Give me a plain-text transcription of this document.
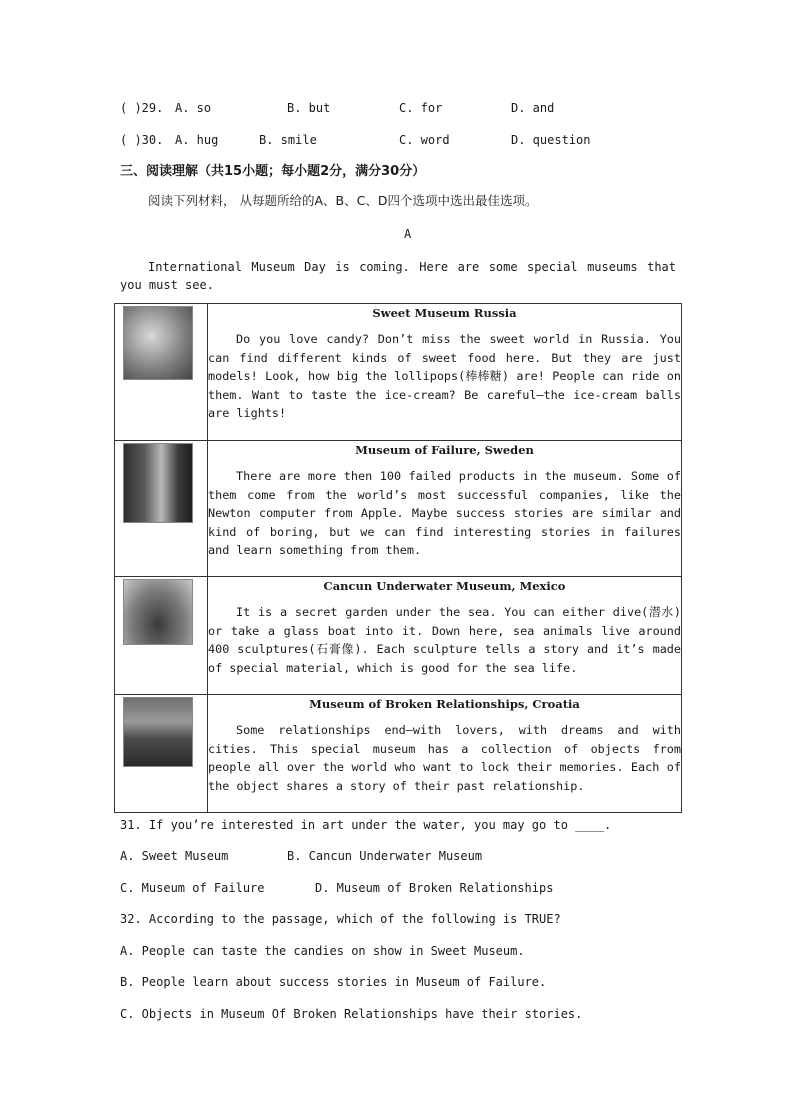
( )29. A. so	B. but	C. for	D. and
( )30. A. hug	B. smile	C. word	D. question
三、阅读理解（共15小题；每小题2分，满分30分）
阅读下列材料， 从每题所给的A、B、C、D四个选项中选出最佳选项。
A
International Museum Day is coming. Here are some special museums that you must see.

	Sweet Museum Russia
Do you love candy? Don’t miss the sweet world in Russia. You can find different kinds of sweet food here. But they are just models! Look, how big the lollipops(棒棒糖) are! People can ride on them. Want to taste the ice-cream? Be careful—the ice-cream balls are lights!

	Museum of Failure, Sweden
There are more then 100 failed products in the museum. Some of them come from the world’s most successful companies, like the Newton computer from Apple. Maybe success stories are similar and kind of boring, but we can find interesting stories in failures and learn something from them.

	Cancun Underwater Museum, Mexico
It is a secret garden under the sea. You can either dive(潜水) or take a glass boat into it. Down here, sea animals live around 400 sculptures(石膏像). Each sculpture tells a story and it’s made of special material, which is good for the sea life.

	Museum of Broken Relationships, Croatia
Some relationships end—with lovers, with dreams and with cities. This special museum has a collection of objects from people all over the world who want to lock their memories. Each of the object shares a story of their past relationship.
31. If you’re interested in art under the water, you may go to ____.
A. Sweet Museum	B. Cancun Underwater Museum
C. Museum of Failure	D. Museum of Broken Relationships
32. According to the passage, which of the following is TRUE?
A. People can taste the candies on show in Sweet Museum.
B. People learn about success stories in Museum of Failure.
C. Objects in Museum Of Broken Relationships have their stories.
